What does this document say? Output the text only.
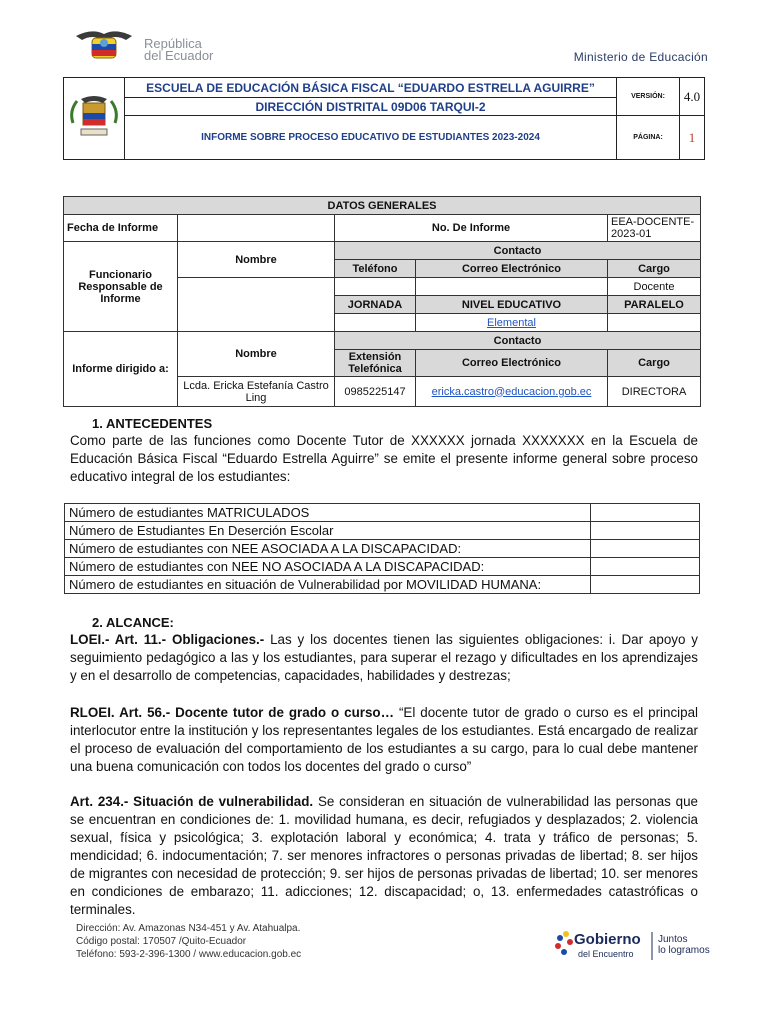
República
del Ecuador	Ministerio de Educación
	ESCUELA DE EDUCACIÓN BÁSICA FISCAL “EDUARDO ESTRELLA AGUIRRE”	VERSIÓN:	4.0
	DIRECCIÓN DISTRITAL 09D06 TARQUI-2		
	INFORME SOBRE PROCESO EDUCATIVO DE ESTUDIANTES 2023-2024	PÁGINA:	1
DATOS GENERALES				
Fecha de Informe		No. De Informe		EEA-DOCENTE-2023-01
Funcionario Responsable de Informe	Nombre	Contacto		
		Teléfono	Correo Electrónico	Cargo
				Docente
		JORNADA	NIVEL EDUCATIVO	PARALELO
			Elemental	
Informe dirigido a:	Nombre	Contacto		
		Extensión Telefónica	Correo Electrónico	Cargo
	Lcda. Ericka Estefanía Castro Ling	0985225147	ericka.castro@educacion.gob.ec	DIRECTORA
1. ANTECEDENTES
Como parte de las funciones como Docente Tutor de XXXXXX jornada XXXXXXX en la Escuela de Educación Básica Fiscal “Eduardo Estrella Aguirre” se emite el presente informe general sobre proceso educativo integral de los estudiantes:
Número de estudiantes MATRICULADOS	
Número de Estudiantes En Deserción Escolar	
Número de estudiantes con NEE ASOCIADA A LA DISCAPACIDAD:	
Número de estudiantes con NEE NO ASOCIADA A LA DISCAPACIDAD:	
Número de estudiantes en situación de Vulnerabilidad por MOVILIDAD HUMANA:	
2. ALCANCE:
LOEI.- Art. 11.- Obligaciones.- Las y los docentes tienen las siguientes obligaciones: i. Dar apoyo y seguimiento pedagógico a las y los estudiantes, para superar el rezago y dificultades en los aprendizajes y en el desarrollo de competencias, capacidades, habilidades y destrezas;
RLOEI. Art. 56.- Docente tutor de grado o curso… “El docente tutor de grado o curso es el principal interlocutor entre la institución y los representantes legales de los estudiantes. Está encargado de realizar el proceso de evaluación del comportamiento de los estudiantes a su cargo, para lo cual debe mantener una buena comunicación con todos los docentes del grado o curso”
Art. 234.- Situación de vulnerabilidad. Se consideran en situación de vulnerabilidad las personas que se encuentran en condiciones de: 1. movilidad humana, es decir, refugiados y desplazados; 2. violencia sexual, física y psicológica; 3. explotación laboral y económica; 4. trata y tráfico de personas; 5. mendicidad; 6. indocumentación; 7. ser menores infractores o personas privadas de libertad; 8. ser hijos de migrantes con necesidad de protección; 9. ser hijos de personas privadas de libertad; 10. ser menores en condiciones de embarazo; 11. adicciones; 12. discapacidad; o, 13. enfermedades catastróficas o terminales.
Dirección: Av. Amazonas N34-451 y Av. Atahualpa.
Código postal: 170507 /Quito-Ecuador
Teléfono: 593-2-396-1300 / www.educacion.gob.ec
Gobierno
del Encuentro
Juntos
lo logramos
